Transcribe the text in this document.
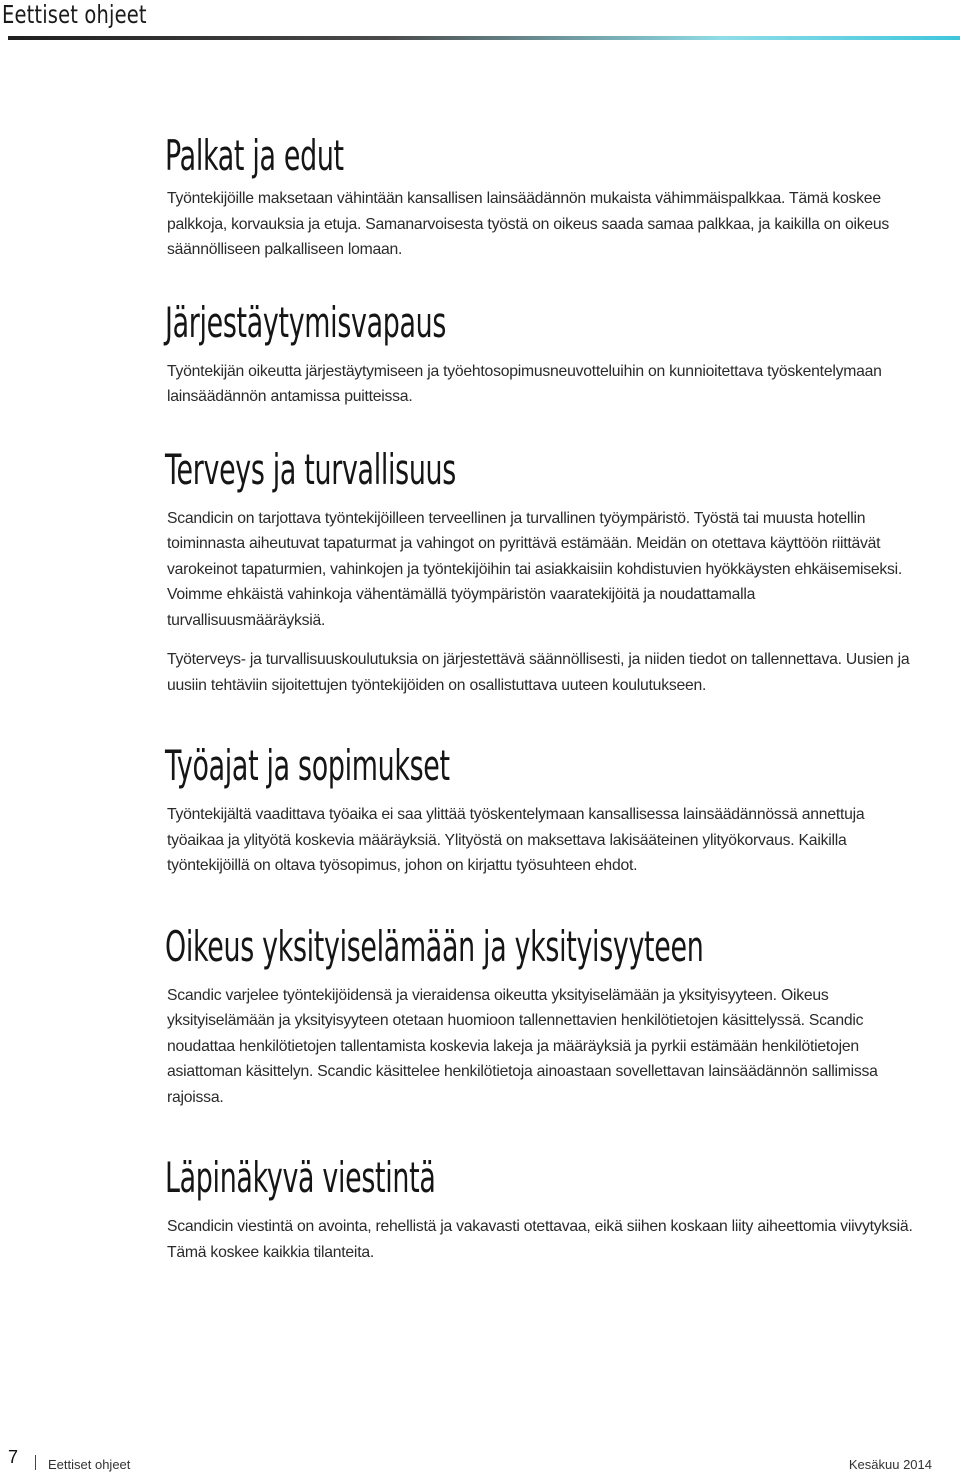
Eettiset ohjeet
Palkat ja edut

Työntekijöille maksetaan vähintään kansallisen lainsäädännön mukaista vähimmäispalkkaa. Tämä koskee palkkoja, korvauksia ja etuja. Samanarvoisesta työstä on oikeus saada samaa palkkaa, ja kaikilla on oikeus säännölliseen palkalliseen lomaan.

Järjestäytymisvapaus

Työntekijän oikeutta järjestäytymiseen ja työehtosopimusneuvotteluihin on kunnioitettava työskentelymaan lainsäädännön antamissa puitteissa.

Terveys ja turvallisuus

Scandicin on tarjottava työntekijöilleen terveellinen ja turvallinen työympäristö. Työstä tai muusta hotellin toiminnasta aiheutuvat tapaturmat ja vahingot on pyrittävä estämään. Meidän on otettava käyttöön riittävät varokeinot tapaturmien, vahinkojen ja työntekijöihin tai asiakkaisiin kohdistuvien hyökkäysten ehkäisemiseksi. Voimme ehkäistä vahinkoja vähentämällä työympäristön vaaratekijöitä ja noudattamalla turvallisuusmääräyksiä.

Työterveys- ja turvallisuuskoulutuksia on järjestettävä säännöllisesti, ja niiden tiedot on tallennettava. Uusien ja uusiin tehtäviin sijoitettujen työntekijöiden on osallistuttava uuteen koulutukseen.

Työajat ja sopimukset

Työntekijältä vaadittava työaika ei saa ylittää työskentelymaan kansallisessa lainsäädännössä annettuja työaikaa ja ylityötä koskevia määräyksiä. Ylityöstä on maksettava lakisääteinen ylityökorvaus. Kaikilla työntekijöillä on oltava työsopimus, johon on kirjattu työsuhteen ehdot.

Oikeus yksityiselämään ja yksityisyyteen

Scandic varjelee työntekijöidensä ja vieraidensa oikeutta yksityiselämään ja yksityisyyteen. Oikeus yksityiselämään ja yksityisyyteen otetaan huomioon tallennettavien henkilötietojen käsittelyssä. Scandic noudattaa henkilötietojen tallentamista koskevia lakeja ja määräyksiä ja pyrkii estämään henkilötietojen asiattoman käsittelyn. Scandic käsittelee henkilötietoja ainoastaan sovellettavan lainsäädännön sallimissa rajoissa.

Läpinäkyvä viestintä

Scandicin viestintä on avointa, rehellistä ja vakavasti otettavaa, eikä siihen koskaan liity aiheettomia viivytyksiä. Tämä koskee kaikkia tilanteita.

7 Eettiset ohjeet	Kesäkuu 2014
